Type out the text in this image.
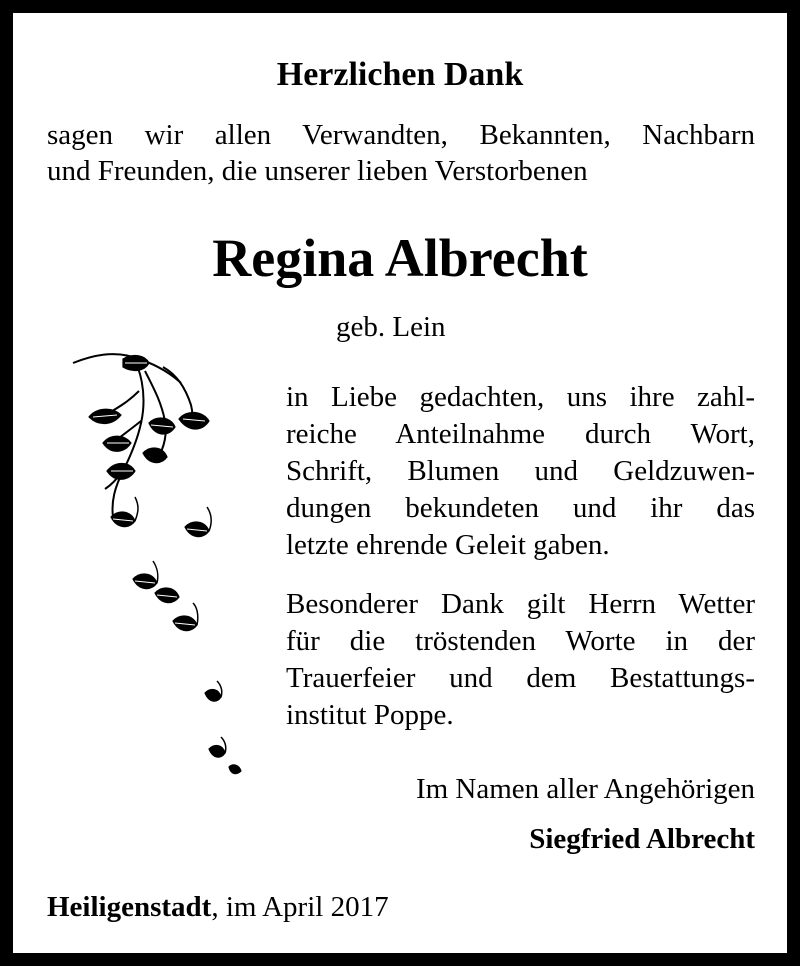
Herzlichen Dank

sagen wir allen Verwandten, Bekannten, Nachbarn

und Freunden, die unserer lieben Verstorbenen

Regina Albrecht

geb. Lein

in Liebe gedachten, uns ihre zahl-
reiche Anteilnahme durch Wort,
Schrift, Blumen und Geldzuwen-
dungen bekundeten und ihr das
letzte ehrende Geleit gaben.
Besonderer Dank gilt Herrn Wetter
für die tröstenden Worte in der
Trauerfeier und dem Bestattungs-
institut Poppe.

Im Namen aller Angehörigen

Siegfried Albrecht

Heiligenstadt, im April 2017
